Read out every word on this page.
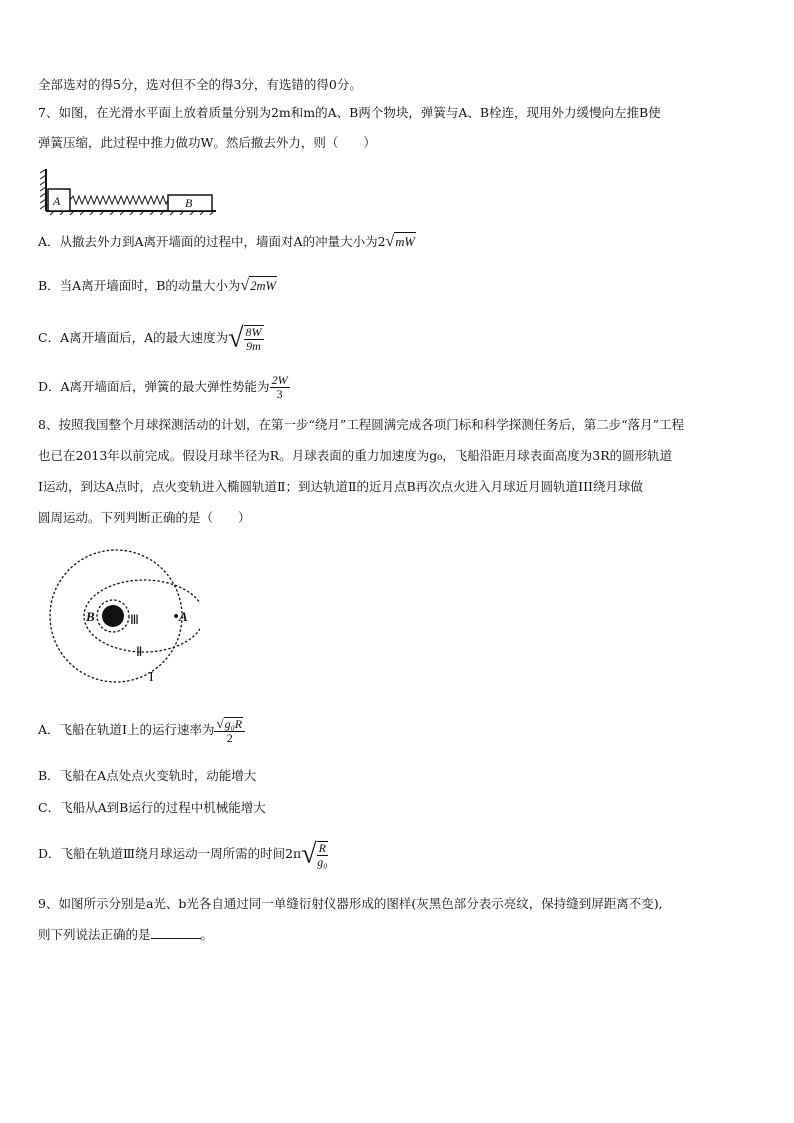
全部选对的得5分，选对但不全的得3分，有选错的得0分。
7、如图，在光滑水平面上放着质量分别为2m和m的A、B两个物块，弹簧与A、B栓连，现用外力缓慢向左推B使
弹簧压缩，此过程中推力做功W。然后撤去外力，则（　　）
A	B
A．从撤去外力到A离开墙面的过程中，墙面对A的冲量大小为2√mW
B．当A离开墙面时，B的动量大小为√2mW
C．A离开墙面后，A的最大速度为√ $\frac{8W}{9m}$
D．A离开墙面后，弹簧的最大弹性势能为 $\frac{2W}{3}$
8、按照我国整个月球探测活动的计划，在第一步“绕月”工程圆满完成各项门标和科学探测任务后，第二步“落月”工程
也已在2013年以前完成。假设月球半径为R。月球表面的重力加速度为g₀，飞船沿距月球表面高度为3R的圆形轨道
I运动，到达A点时，点火变轨进入椭圆轨道Ⅱ；到达轨道Ⅱ的近月点B再次点火进入月球近月圆轨道III绕月球做
圆周运动。下列判断正确的是（　　）
B	A
Ⅲ
Ⅱ
I
A．飞船在轨道I上的运行速率为 $\frac{\text{√g₀R}}{2}$
B．飞船在A点处点火变轨时，动能增大
C．飞船从A到B运行的过程中机械能增大
D．飞船在轨道Ⅲ绕月球运动一周所需的时间$2\pi√ \frac{R}{\text{g₀}}$
9、如图所示分别是a光、b光各自通过同一单缝衍射仪器形成的图样(灰黑色部分表示亮纹，保持缝到屏距离不变),
则下列说法正确的是	。
